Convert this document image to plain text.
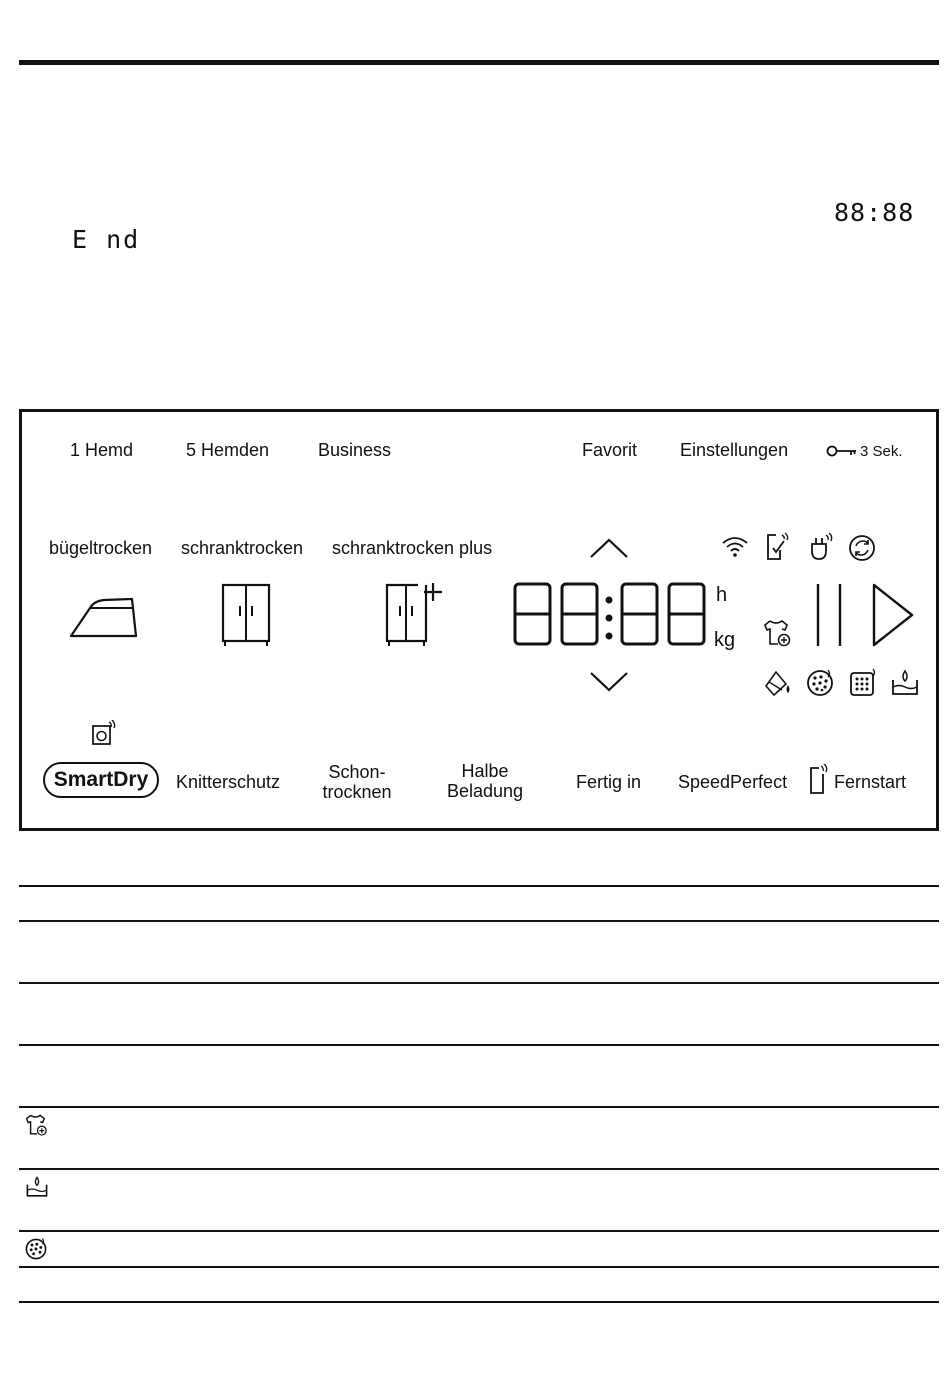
E nd
88:88
1 Hemd	5 Hemden	Business	Favorit Einstellungen	3 Sek.
bügeltrocken schranktrocken schranktrocken plus
h
kg
SmartDry	Knitterschutz	Schon-
trocknen
Halbe
Beladung	Fertig in SpeedPerfect	Fernstart
